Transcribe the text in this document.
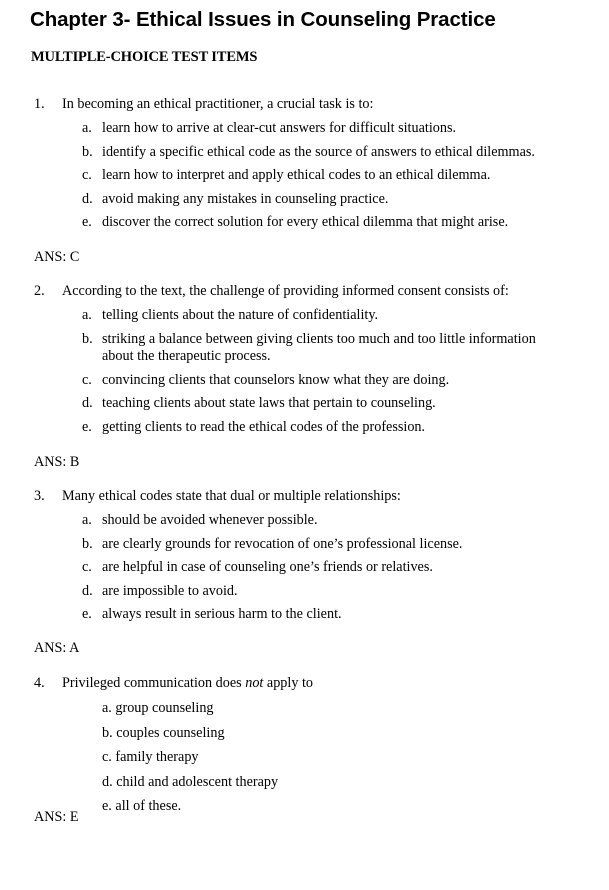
Chapter 3- Ethical Issues in Counseling Practice
MULTIPLE-CHOICE TEST ITEMS
1. In becoming an ethical practitioner, a crucial task is to:
a. learn how to arrive at clear-cut answers for difficult situations.
b. identify a specific ethical code as the source of answers to ethical dilemmas.
c. learn how to interpret and apply ethical codes to an ethical dilemma.
d. avoid making any mistakes in counseling practice.
e. discover the correct solution for every ethical dilemma that might arise.
ANS: C
2. According to the text, the challenge of providing informed consent consists of:
a. telling clients about the nature of confidentiality.
b. striking a balance between giving clients too much and too little information about the therapeutic process.
c. convincing clients that counselors know what they are doing.
d. teaching clients about state laws that pertain to counseling.
e. getting clients to read the ethical codes of the profession.
ANS: B
3. Many ethical codes state that dual or multiple relationships:
a. should be avoided whenever possible.
b. are clearly grounds for revocation of one’s professional license.
c. are helpful in case of counseling one’s friends or relatives.
d. are impossible to avoid.
e. always result in serious harm to the client.
ANS: A
4. Privileged communication does not apply to
a. group counseling
b. couples counseling
c. family therapy
d. child and adolescent therapy
e. all of these.
ANS: E
